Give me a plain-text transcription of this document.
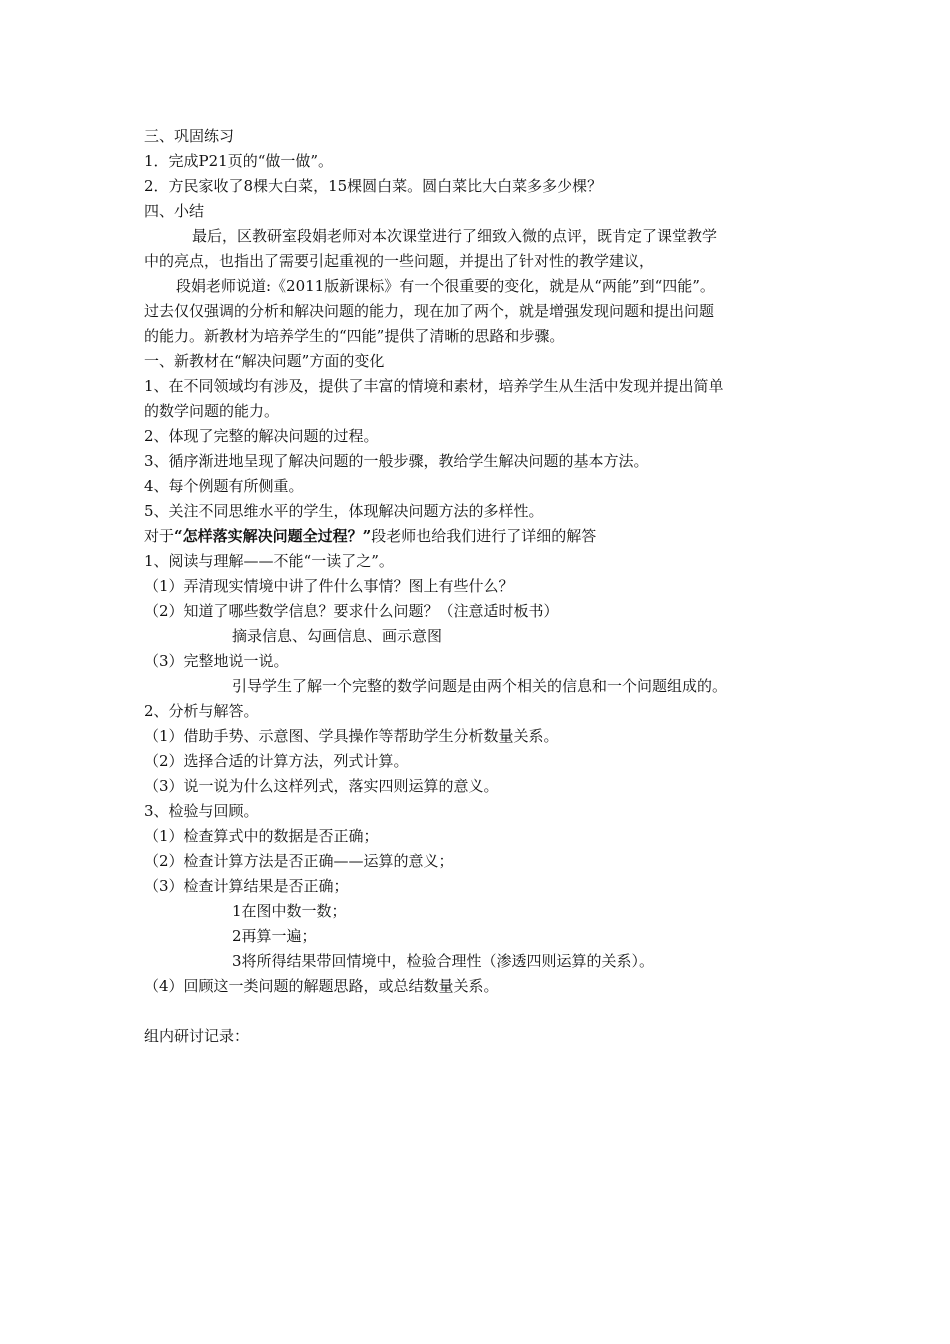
三、巩固练习
1．完成P21页的“做一做”。
2．方民家收了8棵大白菜，15棵圆白菜。圆白菜比大白菜多多少棵？
四、小结
最后，区教研室段娟老师对本次课堂进行了细致入微的点评，既肯定了课堂教学
中的亮点，也指出了需要引起重视的一些问题，并提出了针对性的教学建议，
段娟老师说道:《2011版新课标》有一个很重要的变化，就是从“两能”到“四能”。
过去仅仅强调的分析和解决问题的能力，现在加了两个，就是增强发现问题和提出问题
的能力。新教材为培养学生的“四能”提供了清晰的思路和步骤。
一、新教材在“解决问题”方面的变化
1、在不同领域均有涉及，提供了丰富的情境和素材，培养学生从生活中发现并提出简单
的数学问题的能力。
2、体现了完整的解决问题的过程。
3、循序渐进地呈现了解决问题的一般步骤，教给学生解决问题的基本方法。
4、每个例题有所侧重。
5、关注不同思维水平的学生，体现解决问题方法的多样性。
对于“怎样落实解决问题全过程？”段老师也给我们进行了详细的解答
1、阅读与理解——不能“一读了之”。
（1）弄清现实情境中讲了件什么事情？图上有些什么？
（2）知道了哪些数学信息？要求什么问题？（注意适时板书）
摘录信息、勾画信息、画示意图
（3）完整地说一说。
引导学生了解一个完整的数学问题是由两个相关的信息和一个问题组成的。
2、分析与解答。
（1）借助手势、示意图、学具操作等帮助学生分析数量关系。
（2）选择合适的计算方法，列式计算。
（3）说一说为什么这样列式，落实四则运算的意义。
3、检验与回顾。
（1）检查算式中的数据是否正确；
（2）检查计算方法是否正确——运算的意义；
（3）检查计算结果是否正确；
1在图中数一数；
2再算一遍；
3将所得结果带回情境中，检验合理性（渗透四则运算的关系）。
（4）回顾这一类问题的解题思路，或总结数量关系。
组内研讨记录：
